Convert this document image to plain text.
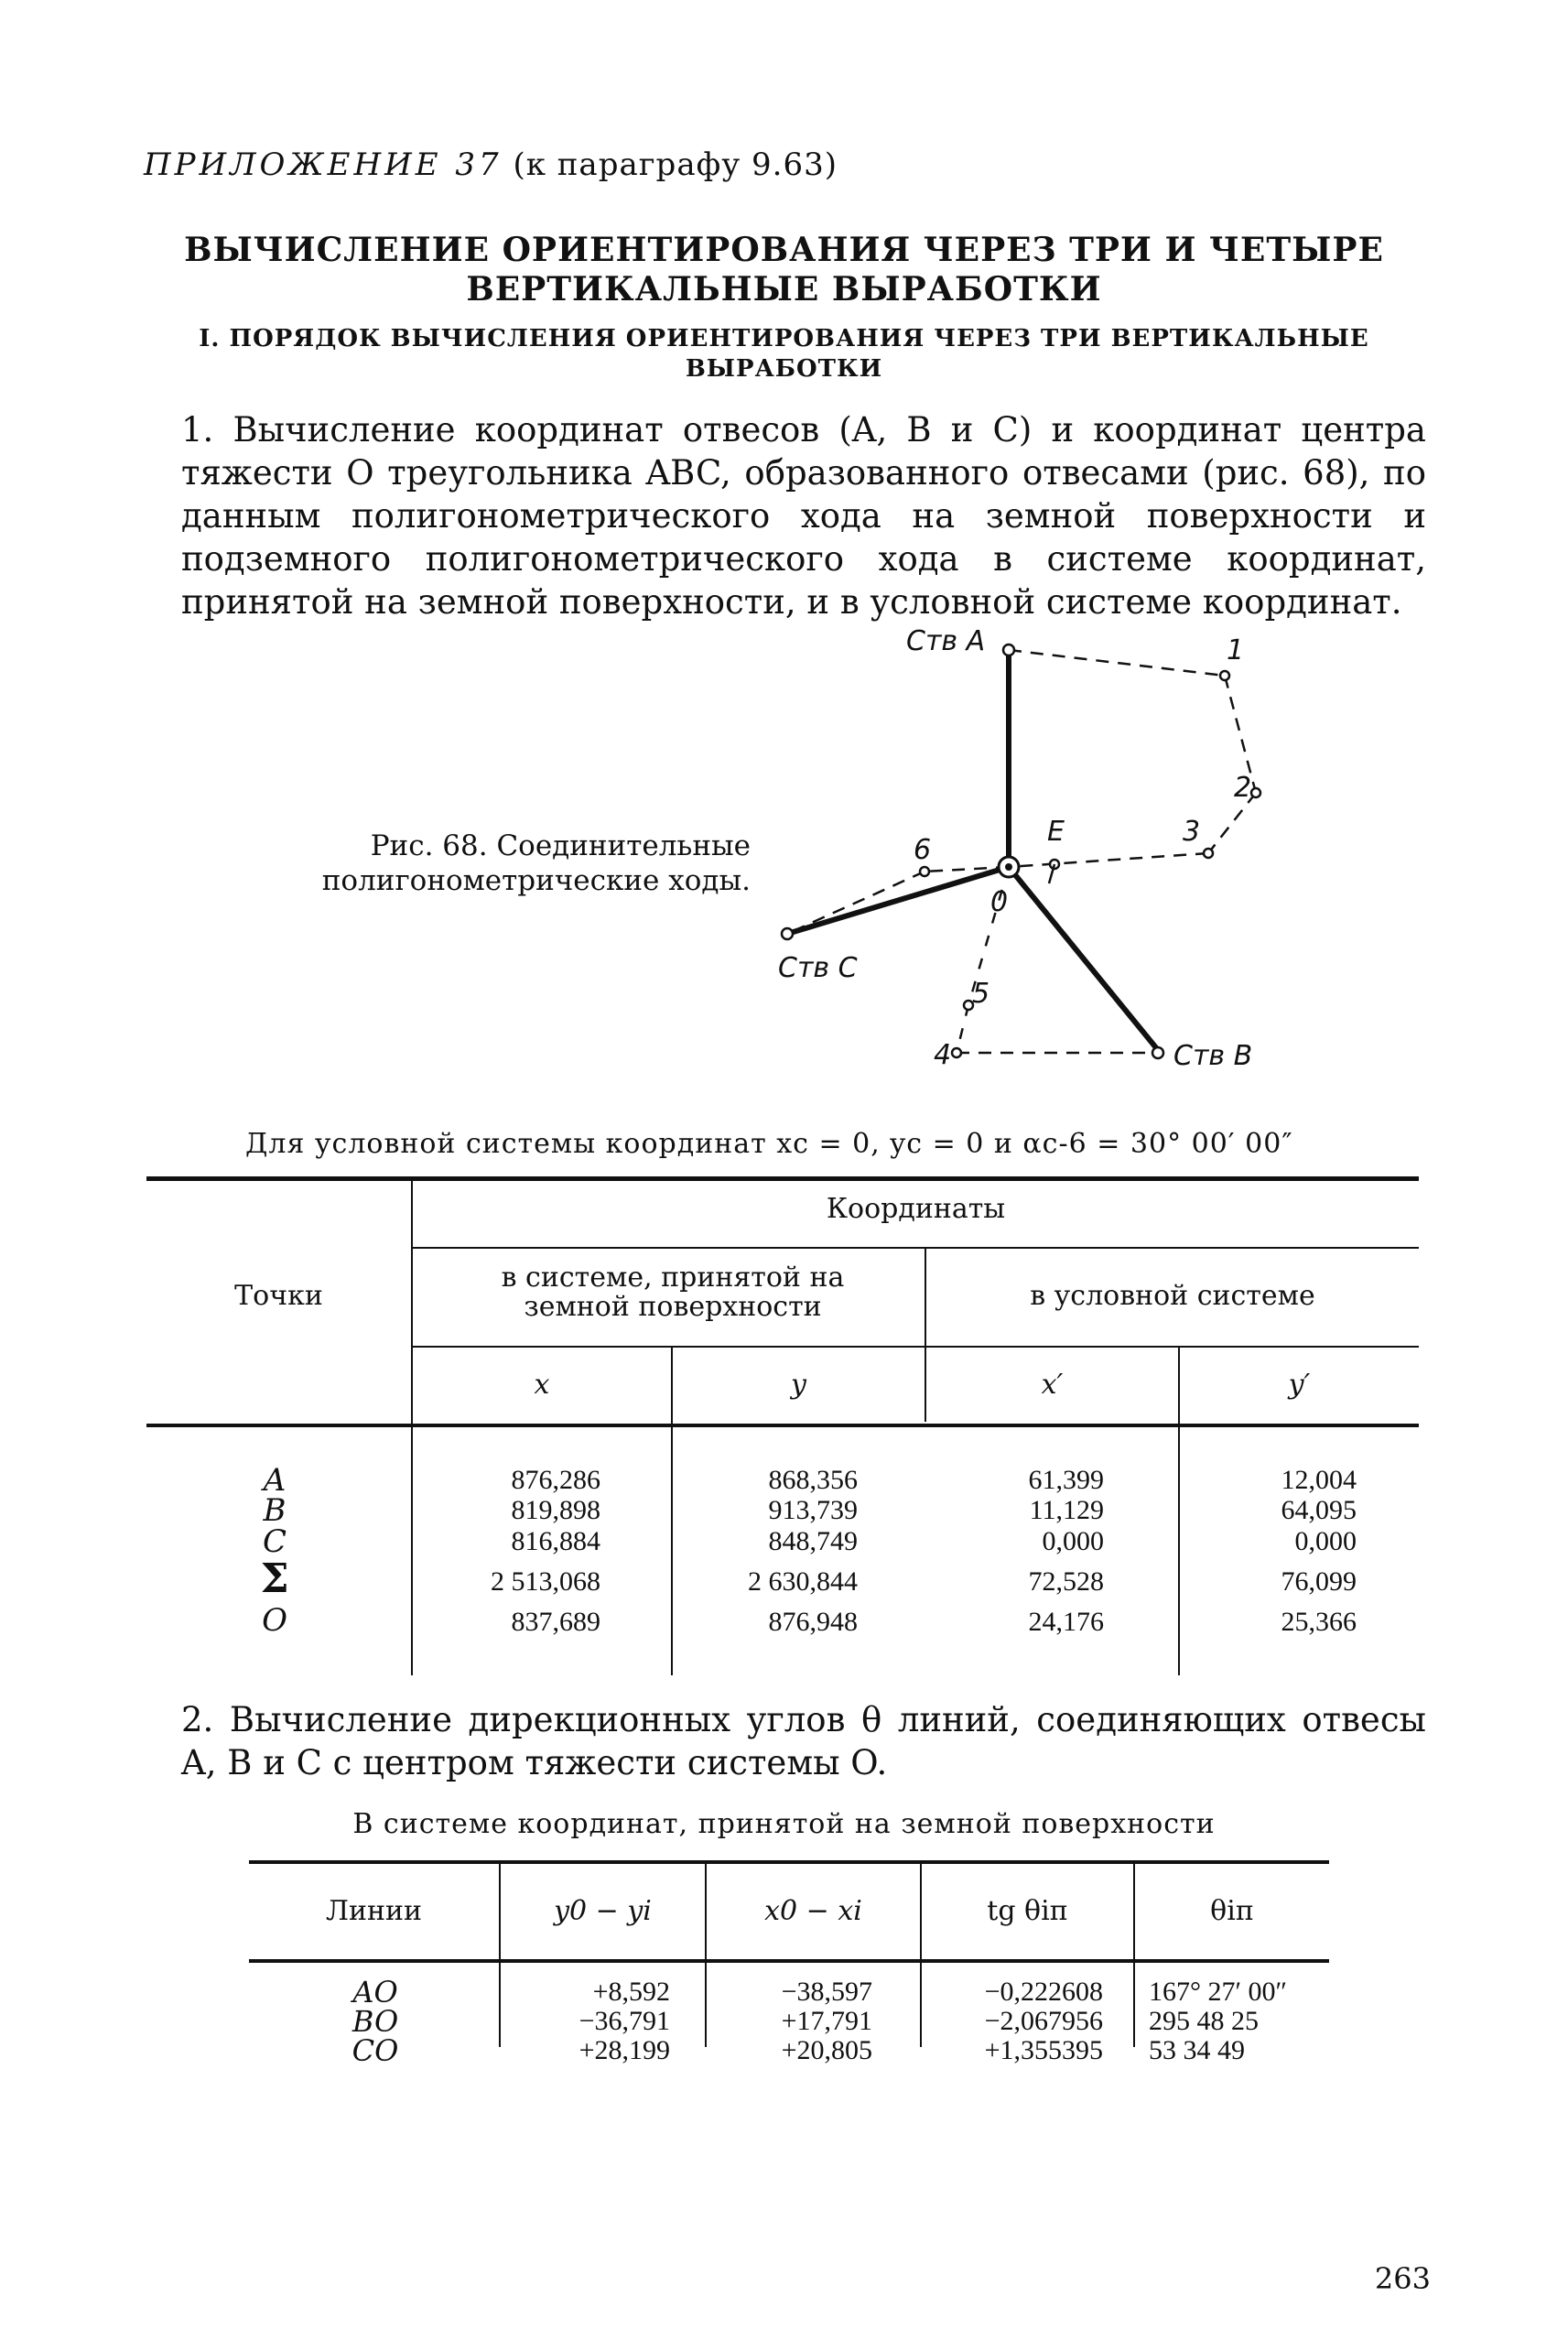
ПРИЛОЖЕНИЕ 37 (к параграфу 9.63)
ВЫЧИСЛЕНИЕ ОРИЕНТИРОВАНИЯ ЧЕРЕЗ ТРИ И ЧЕТЫРЕ
ВЕРТИКАЛЬНЫЕ ВЫРАБОТКИ
I. ПОРЯДОК ВЫЧИСЛЕНИЯ ОРИЕНТИРОВАНИЯ ЧЕРЕЗ ТРИ ВЕРТИКАЛЬНЫЕ
ВЫРАБОТКИ
1. Вычисление координат отвесов (A, B и C) и координат центра тяжести O треугольника ABC, образованного отвесами (рис. 68), по данным полигонометрического хода на земной поверхности и подземного полигонометрического хода в системе координат, принятой на земной поверхности, и в условной системе координат.
Рис. 68. Соединительные
полигонометрические ходы.
Ств A	1
2
3
6
E
0
Ств C
5
4	Ств B
Для условной системы координат xс = 0, yс = 0 и αс-6 = 30° 00′ 00″
Точки
Координаты
в системе, принятой на земной поверхности	в условной системе
x	y	x′	y′
A	876,286	868,356	61,399	12,004
B	819,898	913,739	11,129	64,095
C	816,884	848,749	0,000	0,000
Σ	2 513,068	2 630,844	72,528	76,099
O	837,689	876,948	24,176	25,366
2. Вычисление дирекционных углов θ линий, соединяющих отвесы A, B и C с центром тяжести системы O.
В системе координат, принятой на земной поверхности
Линии	y0 − yi	x0 − xi	tg θiп	θiп
AO	+8,592	−38,597	−0,222608 167° 27′ 00″
BO	−36,791	+17,791	−2,067956 295 48 25
CO	+28,199	+20,805	+1,355395 53 34 49
263
